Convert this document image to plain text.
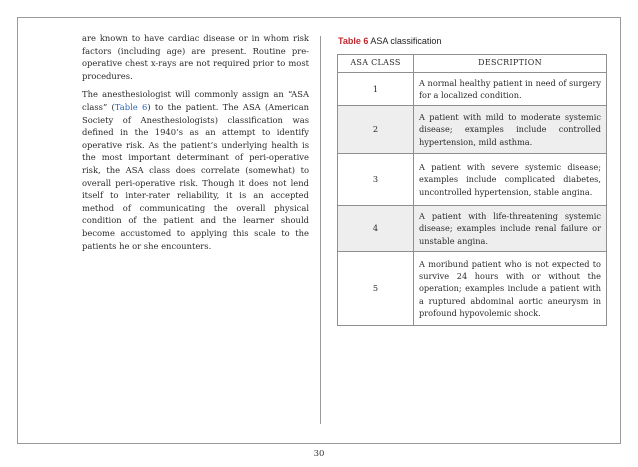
are known to have cardiac disease or in whom risk factors (including age) are present. Routine pre-operative chest x-rays are not required prior to most procedures.

The anesthesiologist will commonly assign an “ASA class” (Table 6) to the patient. The ASA (American Society of Anesthesiologists) classification was defined in the 1940’s as an attempt to identify operative risk. As the patient’s underlying health is the most important determinant of peri-operative risk, the ASA class does correlate (somewhat) to overall peri-operative risk. Though it does not lend itself to inter-rater reliability, it is an accepted method of communicating the overall physical condition of the patient and the learner should become accustomed to applying this scale to the patients he or she encounters.

Table 6 ASA classification
ASA CLASS	DESCRIPTION
1	A normal healthy patient in need of surgery for a localized condition.
2	A patient with mild to moderate systemic disease; examples include controlled hypertension, mild asthma.
3	A patient with severe systemic disease; examples include complicated diabetes, uncontrolled hypertension, stable angina.
4	A patient with life-threatening systemic disease; examples include renal failure or unstable angina.
5	A moribund patient who is not expected to survive 24 hours with or without the operation; examples include a patient with a ruptured abdominal aortic aneurysm in profound hypovolemic shock.
30
